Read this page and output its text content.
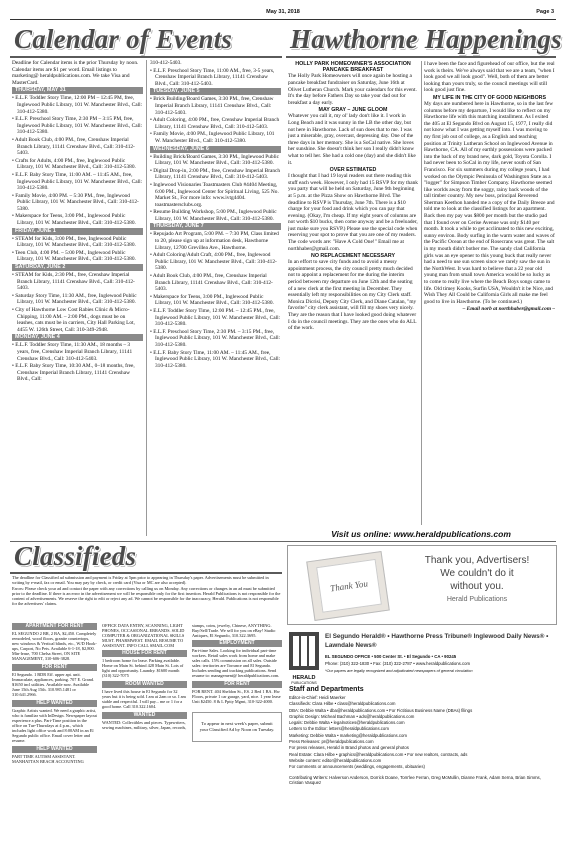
May 31, 2018	Page 3
Calendar of Events

Deadline for Calendar items is the prior Thursday by noon. Calendar items are $1 per word. Email listings to marketing@ heraldpublications.com. We take Visa and MasterCard.

THURSDAY, MAY 31

• E.L.F. Toddler Story Time, 12:00 PM – 12:45 PM, free, Inglewood Public Library, 101 W. Manchester Blvd., Call: 310-412-5380.

• E.L.F. Preschool Story Time, 2:30 PM – 3:15 PM, free, Inglewood Public Library, 101 W. Manchester Blvd., Call: 310-412-5380.

• Adult Book Club, 4:00 PM., free, Crenshaw Imperial Branch Library, 11141 Crenshaw Blvd., Call: 310-412-5403.

• Crafts for Adults, 4:00 PM., free, Inglewood Public Library, 101 W. Manchester Blvd., Call: 310-412-5380.

• E.L.F. Baby Story Time, 11:00 AM. – 11:45 AM., free, Inglewood Public Library, 101 W. Manchester Blvd., Call: 310-412-5380.

• Family Movie, 4:00 PM. – 5:30 PM., free, Inglewood Public Library, 101 W. Manchester Blvd., Call: 310-412-5380.

• Makerspace for Teens, 3:00 PM., Inglewood Public Library, 101 W. Manchester Blvd., Call: 310-412-5380.

FRIDAY, JUNE 1

• STEAM for Kids, 3:00 PM., free, Inglewood Public Library, 101 W. Manchester Blvd., Call: 310-412-5380.

• Teen Club, 4:00 PM. – 5:00 PM., Inglewood Public Library, 101 W. Manchester Blvd., Call: 310-412-5380.

SATURDAY, JUNE 2

• STEAM for Kids, 2:30 PM., free, Crenshaw Imperial Branch Library, 11141 Crenshaw Blvd., Call: 310-412-5403.

• Saturday Story Time, 11:30 AM., free, Inglewood Public Library, 101 W. Manchester Blvd., Call: 310-412-5380.

• City of Hawthorne Low Cost Rabies Clinic & Micro-Chipping, 11:00 AM. – 2:00 PM., dogs must be on leashes, cats must be in carriers, City Hall Parking Lot, 4455 W. 126th Street, Call: 310-349-2948.

MONDAY, JUNE 4

• E.L.F. Toddler Story Time, 11:30 AM., 18 months – 3 years, free, Crenshaw Imperial Branch Library, 11141 Crenshaw Blvd., Call: 310-412-5403.

• E.L.F. Baby Story Time, 10:30 AM., 0–18 months, free, Crenshaw Imperial Branch Library, 11141 Crenshaw Blvd., Call:

310-412-5403.

• E.L.F. Preschool Story Time, 11:00 AM., free, 3-5 years, Crenshaw Imperial Branch Library, 11141 Crenshaw Blvd., Call: 310-412-5403.

TUESDAY, JUNE 5

• Brick Building/Board Games, 3:30 PM., free, Crenshaw Imperial Branch Library, 11141 Crenshaw Blvd., Call: 310-412-5403.

• Adult Coloring, 4:00 PM., free, Crenshaw Imperial Branch Library, 11141 Crenshaw Blvd., Call: 310-412-5403.

• Family Movie, 4:00 PM., Inglewood Public Library, 101 W. Manchester Blvd., Call: 310-412-5380.

WEDNESDAY, JUNE 6

• Building Brick/Board Games, 3:30 PM., Inglewood Public Library, 101 W. Manchester Blvd., Call: 310-412-5380.

• Digital Drop-in, 2:00 PM., free, Crenshaw Imperial Branch Library, 11141 Crenshaw Blvd., Call: 310-412-5403.

• Inglewood Visionaries Toastmasters Club #4404 Meeting, 6:00 PM., Inglewood Center for Spiritual Living, 525 No. Market St., For more info: www.ivtg4404. toastmastersclubs.org.

• Resume Building Workshop, 5:00 PM., Inglewood Public Library, 101 W. Manchester Blvd., Call: 310-412-5380.

THURSDAY, JUNE 7

• Repujado Art Program, 5:00 PM. – 7:30 PM, Class limited to 20, please sign up at information desk, Hawthorne Library, 12700 Grevillea Ave., Hawthorne.

• Adult Coloring/Adult Craft, 4:00 PM., free, Inglewood Public Library, 101 W. Manchester Blvd., Call: 310-412-5380.

• Adult Book Club, 4:00 PM., free, Crenshaw Imperial Branch Library, 11141 Crenshaw Blvd., Call: 310-412-5403.

• Makerspace for Teens, 3:00 PM., Inglewood Public Library, 101 W. Manchester Blvd., Call: 310-412-5380.

• E.L.F. Toddler Story Time, 12:00 PM. – 12:45 PM., free, Inglewood Public Library, 101 W. Manchester Blvd., Call: 310-412-5380.

• E.L.F. Preschool Story Time, 2:30 PM. – 3:15 PM., free, Inglewood Public Library, 101 W. Manchester Blvd., Call: 310-412-5380.

• E.L.F. Baby Story Time, 11:00 AM. – 11:45 AM., free, Inglewood Public Library, 101 W. Manchester Blvd., Call: 310-412-5380.

Hawthorne Happenings
HOLLY PARK HOMEOWNER'S ASSOCIATION PANCAKE BREAKFAST

The Holly Park Homeowners will once again be hosting a pancake breakfast fundraiser on Saturday, June 16th at Olivet Lutheran Church. Mark your calendars for this event. It's the day before Fathers Day so take your dad out for breakfast a day early.

MAY GRAY – JUNE GLOOM

Whatever you call it, my ol' lady don't like it. I work in Long Beach and it was sunny in the LB the other day, but not here in Hawthorne. Lack of sun does that to me. I was just a miserable, gray, overcast, depressing day. One of the three days in her memory. She is a SoCal native. She loves her sunshine. She doesn't think her son I really didn't know what to tell her. She had a cold one (day) and she didn't like it.

OVER ESTIMATED

I thought that I had 19 loyal readers out there reading this stuff each week. However, I only had 15 RSVP for my thank you party that will be held on Saturday, June 9th beginning at 5 p.m. at the Pizza Show on Hawthorne Blvd. The deadline to RSVP is Thursday, June 7th. There is a $10 charge for your food and drink which you can pay that evening. (Okay, I'm cheap. If my eight years of columns are not worth $10 bucks, then come anyway and be a freeloader, just make sure you RSVP.) Please use the special code when reserving your spot to prove that you are one of my readers. The code words are: "Have A Cold One!" Email me at northhaber@gmail.com.

NO REPLACEMENT NECESSARY

In an effort to save city funds and to avoid a messy appointment process, the city council pretty much decided not to appoint a replacement for me during the interim period between my departure on June 12th and the seating of a new clerk at the first meeting in December. They essentially left my responsibilities on my City Clerk staff. Monica Dicrisi, Deputy City Clerk, and Diane Catalan, "my favorite" city clerk assistant, will fill my shoes very nicely. They are the reason that I have looked good doing whatever I do in the council meetings. They are the ones who do ALL of the work.

I have been the face and figurehead of our office, but the real work is theirs. We've always said that we are a team, "when I look good we all look good". Well, both of them are better looking than yours truly, so the council meetings will still look good just fine.

MY LIFE IN THE CITY OF GOOD NEIGHBORS

My days are numbered here in Hawthorne, so in the last few columns before my departure, I would like to reflect on my Hawthorne life with this matching installment. As I exited the 405 at El Segundo Blvd on August 15, 1977, I really did not know what I was getting myself into. I was moving to my first job out of college, as a English and teaching position at Trinity Lutheran School on Inglewood Avenue in Hawthorne, CA. All of my earthly possessions were packed into the back of my brand new, dark gold, Toyota Corolla. I had never been to SoCal in my life, never south of San Francisco. For six summers during my college years, I had worked on the Olympic Peninsula of Washington State as a "logger" for Simpson Timber Company. Hawthorne seemed like worlds away from the soggy, rainy back woods of the tall timber country. My new boss, principal Reverend Sherman Keethon handed me a copy of the Daily Breeze and told me to look at the classified listings for an apartment. Back then my pay was $800 per month but the studio pad that I found over on Cerise Avenue was only $140 per month. It took a while to get acclimated to this new exciting, sunny environ. Body surfing in the warm water and waves of the Pacific Ocean at the end of Rosecrans was great. The salt in my mouth didn't bother me. The sandy clad California girls was an eye opener to this young buck that really never had a need to use sun screen since we rarely saw the sun in the NorthWest. It was hard to believe that a 22 year old young man from small town America would be so lucky as to come to really live where the Beach Boys songs came to life. Old timey Kooks, Surfin USA, Wouldn't it be Nice, and Wish They All Could be California Girls all make me feel good to live in Hawthorne. (To be continued.)

– Email norb at northhaber@gmail.com –

Visit us online: www.heraldpublications.com
Classifieds

The deadline for Classified ad submission and payment is Friday at 5pm prior to appearing in Thursday's paper. Advertisements must be submitted in writing by e-mail, fax or email. You may pay by check, or credit card (Visa or MC are also accepted).

Errors: Please check your ad and contact the paper with any corrections by calling us on Monday. Any corrections or changes in an ad must be submitted prior to the deadline. If there is an error in the advertisement we will be responsible only for the first insertion. Herald Publications is not responsible for the content of advertisements. We reserve the right to edit or reject any ad. We cannot be responsible for the inaccuracy, Herald. Publications is not responsible for the advertisers' claims.

APARTMENT FOR RENT

EL SEGUNDO 2 BR, 2 BA, $2,450. Completely remodeled, wood floors, granite countertops, new windows & Vertical blinds, etc., W/D Hook-ups, Carport, No Pets. Available 6-1-18, $2,800. Min-lease, 700 Chelsa Street, ON SITE MANAGEMENT, 310-606-3828.

FOR RENT

El Segundo. 1 BDR Eff. upper apt. unit. Immaculate, appliances, parking. 707 E. Grand. $1650 incl utilities. Available now. Available June 15th Aug 15th. 310.985.1481 or 310.641.2966.

HELP WANTED

Graphic Artists wanted. We need a graphic artist, who is familiar with InDesign. Newspaper layout experience a plus. Part-Time position in the office on Tue-Thursdays at 4 p.m., which includes light office work and 8:00AM in an El Segundo public office. Email cover letter and resume.

HELP WANTED

PART TIME AUTISM ASSISTANT. MANHATTAN BEACH ACCOUNTING

OFFICE DATA ENTRY, SCANNING, LIGHT PHONES, OCCASIONAL ERRANDS. SOLID COMPUTER & ORGANIZATIONAL SKILLS MUST. PHARMWEST. EMAIL RESUME TO ASSISTANT. INFO CALL SMAIL.COM

HOUSE FOR RENT

1 bedroom home for lease. Parking available. Home on Main St. behind 428 Main St. Lots of light and opportunity. Laundry. $1600 month (310) 322-7075

ROOM WANTED

I have lived this house in El Segundo for 32 years but it is being sold. I am at 2am or so. I am stable and respectful. I will pay... me or 1 for a good home. Call 310.322.1604.

WANTED

WANTED: Collectibles and pieces. Typewriters, sewing machines, military, silver, Japan, records,

stamps, coins, jewelry, Chinese, ANYTHING. Buy/Sell/Trade. We sell for you on eBay! Studio Antiques, El Segundo, 310.322.3695.

EMPLOYMENT

Part-time Sales. Looking for individual part-time workers. Retail sales work from home and make sales calls. 15% commission on all sales. Outside sales: territories are Torrance and El Segundo. Includes sending and tracking publications. Send resume to: management@ heraldpublications.com.

FOR RENT

FOR RENT. 404 Sheldon St., ES. 2 Bed 1 BA. Hw Floors, private 1 car garage, yard, nice. 1 year lease Unit $2450. 8 & L Pptty Mgmt, 310-322-4000.

To appear in next week's paper, submit your Classified Ad by Noon on Tuesday.
Thank You
Thank you, Advertisers!
We couldn't do it
without you.
Herald Publications
HERALD
PUBLICATIONS
El Segundo Herald® • Hawthorne Press Tribune® Inglewood Daily News® • Lawndale News®
EL SEGUNDO OFFICE • 500 Center St. • El Segundo • CA • 90245
Phone: (310) 322-1830 • Fax: (310) 322-2787 • www.heraldpublications.com
*Our papers are legally recognized and adjudicated newspapers of general circulation
Staff and Departments
Editor-in-Chief: Heidi Maerker
Classifieds: Clara Hilbe • class@heraldpublications.com
DBA: Debbie Walta • dba@heraldpublications.com • For Fictitious Business Name (DBAs) filings
Graphic Design: Micheal Bachman • ads@heraldpublications.com
Legals: Debbie Walta • legalnotices@heraldpublications.com
Letters to the Editor: letters@heraldpublications.com
Marketing: Debbie Walta • marketing@heraldpublications.com
Press Releases: pr@heraldpublications.com
For press releases, Herald in Brand photos and general photos
Real Estate: Clara Hilbe • graphics@heraldpublications.com • For new realtors, contracts, ads
Website content: editor@heraldpublications.com
For comments or announcements (weddings, engagements, obituaries)
Contributing Writers: Halverson Anderson, Dorrick Doane, Tom'lee Ferran, Greg McMullin, Dianne Frank, Adam Serna, Brian Simms, Cristian Vasquez
